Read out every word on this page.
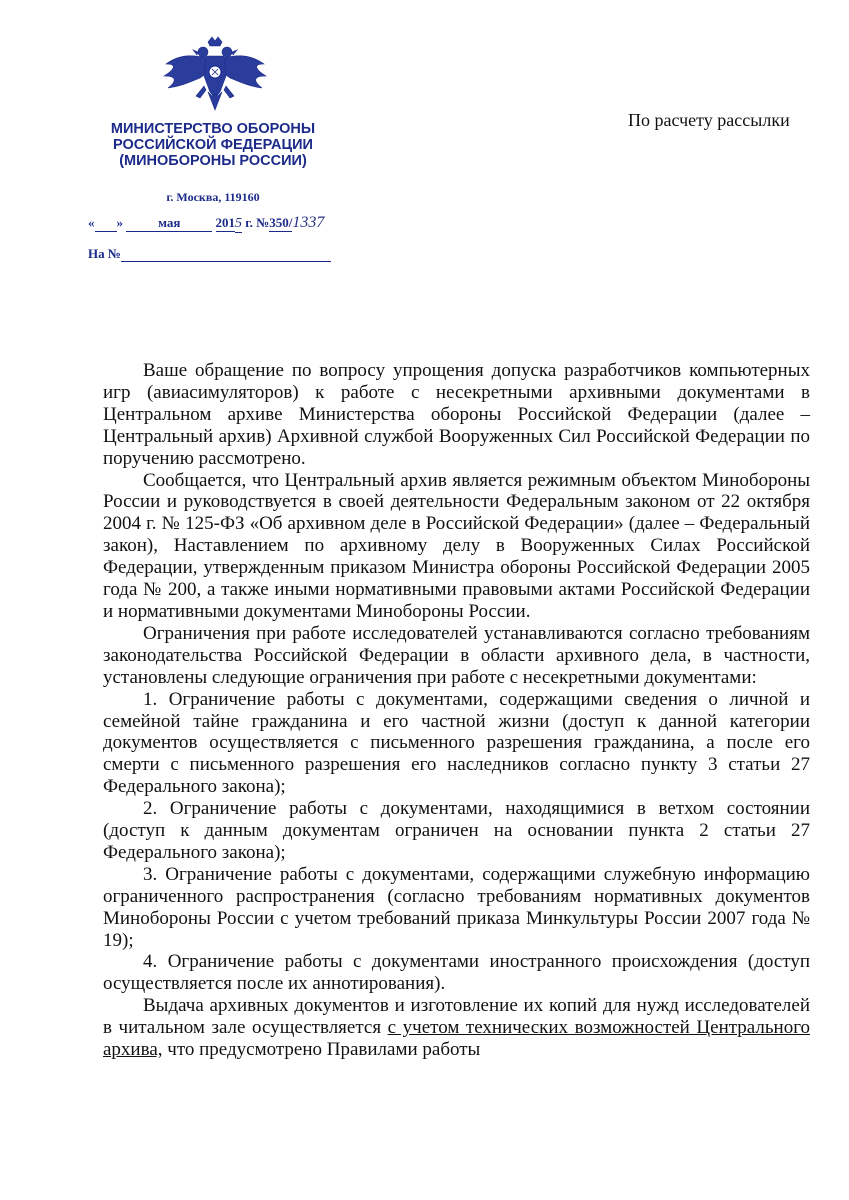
МИНИСТЕРСТВО ОБОРОНЫ
РОССИЙСКОЙ ФЕДЕРАЦИИ
(МИНОБОРОНЫ РОССИИ)
г. Москва, 119160
« »	мая	2015 г. №350/1337
На №
По расчету рассылки

Ваше обращение по вопросу упрощения допуска разработчиков компьютерных игр (авиасимуляторов) к работе с несекретными архивными документами в Центральном архиве Министерства обороны Российской Федерации (далее – Центральный архив) Архивной службой Вооруженных Сил Российской Федерации по поручению рассмотрено.

Сообщается, что Центральный архив является режимным объектом Минобороны России и руководствуется в своей деятельности Федеральным законом от 22 октября 2004 г. № 125-ФЗ «Об архивном деле в Российской Федерации» (далее – Федеральный закон), Наставлением по архивному делу в Вооруженных Силах Российской Федерации, утвержденным приказом Министра обороны Российской Федерации 2005 года № 200, а также иными нормативными правовыми актами Российской Федерации и нормативными документами Минобороны России.

Ограничения при работе исследователей устанавливаются согласно требованиям законодательства Российской Федерации в области архивного дела, в частности, установлены следующие ограничения при работе с несекретными документами:

1. Ограничение работы с документами, содержащими сведения о личной и семейной тайне гражданина и его частной жизни (доступ к данной категории документов осуществляется с письменного разрешения гражданина, а после его смерти с письменного разрешения его наследников согласно пункту 3 статьи 27 Федерального закона);

2. Ограничение работы с документами, находящимися в ветхом состоянии (доступ к данным документам ограничен на основании пункта 2 статьи 27 Федерального закона);

3. Ограничение работы с документами, содержащими служебную информацию ограниченного распространения (согласно требованиям нормативных документов Минобороны России с учетом требований приказа Минкультуры России 2007 года № 19);

4. Ограничение работы с документами иностранного происхождения (доступ осуществляется после их аннотирования).

Выдача архивных документов и изготовление их копий для нужд исследователей в читальном зале осуществляется с учетом технических возможностей Центрального архива, что предусмотрено Правилами работы
